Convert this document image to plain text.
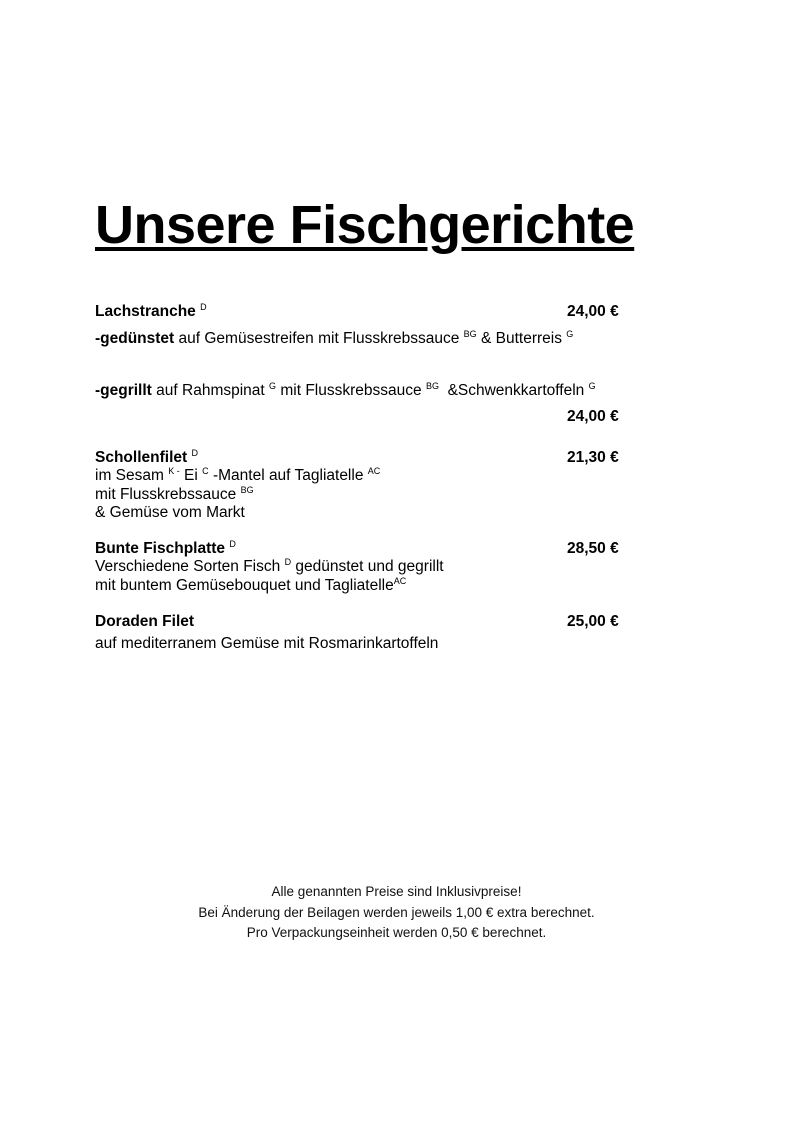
Unsere Fischgerichte
Lachstranche $^D$	24,00 €
-gedünstet auf Gemüsestreifen mit Flusskrebssauce $^{BG}$ & Butterreis $^G$
-gegrillt auf Rahmspinat $^G$ mit Flusskrebssauce $^{BG}$  &Schwenkkartoffeln $^G$
24,00 €
Schollenfilet $^D$	21,30 €
im Sesam $^{K -}$ Ei $^C$ -Mantel auf Tagliatelle $^{AC}$
mit Flusskrebssauce $^{BG}$
& Gemüse vom Markt
Bunte Fischplatte $^D$	28,50 €
Verschiedene Sorten Fisch $^D$ gedünstet und gegrillt
mit buntem Gemüsebouquet und Tagliatelle$^{AC}$
Doraden Filet	25,00 €
auf mediterranem Gemüse mit Rosmarinkartoffeln
Alle genannten Preise sind Inklusivpreise!
Bei Änderung der Beilagen werden jeweils 1,00 € extra berechnet.
Pro Verpackungseinheit werden 0,50 € berechnet.
